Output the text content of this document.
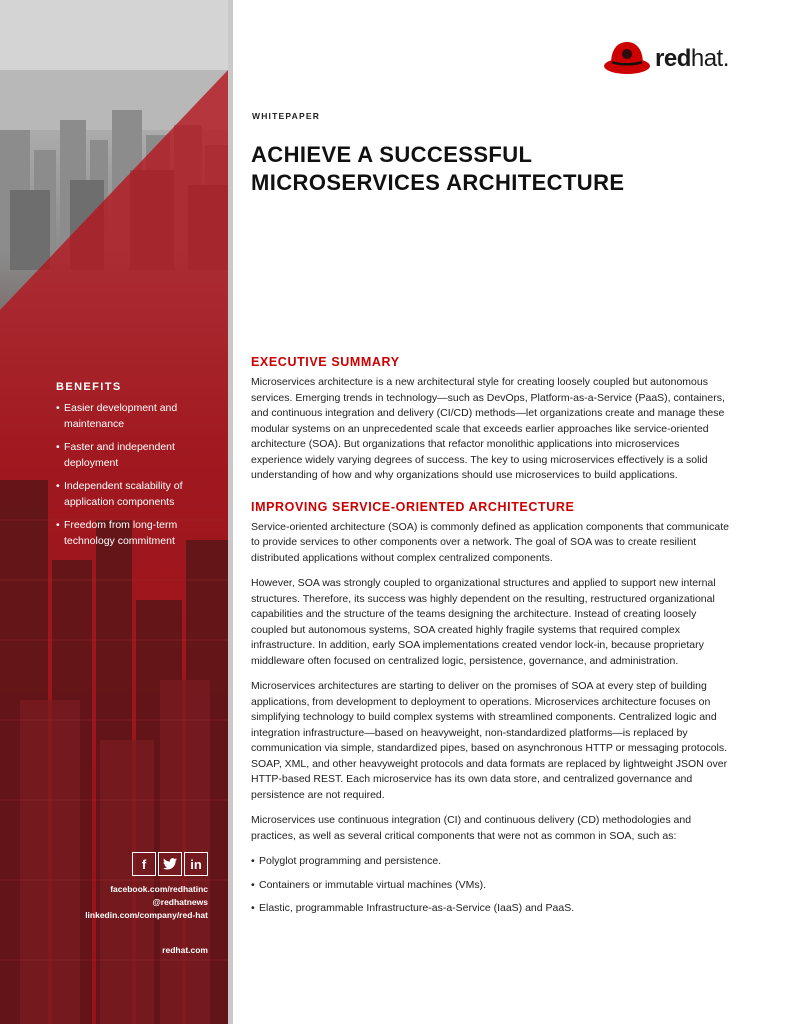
BENEFITS
• Easier development and maintenance
• Faster and independent deployment
• Independent scalability of application components
• Freedom from long-term technology commitment
f	in
facebook.com/redhatinc
@redhatnews
linkedin.com/company/red-hat
redhat.com
redhat.
WHITEPAPER
ACHIEVE A SUCCESSFUL
MICROSERVICES ARCHITECTURE
EXECUTIVE SUMMARY

Microservices architecture is a new architectural style for creating loosely coupled but autonomous services. Emerging trends in technology—such as DevOps, Platform-as-a-Service (PaaS), containers, and continuous integration and delivery (CI/CD) methods—let organizations create and manage these modular systems on an unprecedented scale that exceeds earlier approaches like service-oriented architecture (SOA). But organizations that refactor monolithic applications into microservices experience widely varying degrees of success. The key to using microservices effectively is a solid understanding of how and why organizations should use microservices to build applications.

IMPROVING SERVICE-ORIENTED ARCHITECTURE

Service-oriented architecture (SOA) is commonly defined as application components that communicate to provide services to other components over a network. The goal of SOA was to create resilient distributed applications without complex centralized components.

However, SOA was strongly coupled to organizational structures and applied to support new internal structures. Therefore, its success was highly dependent on the resulting, restructured organizational capabilities and the structure of the teams designing the architecture. Instead of creating loosely coupled but autonomous systems, SOA created highly fragile systems that required complex infrastructure. In addition, early SOA implementations created vendor lock-in, because proprietary middleware often focused on centralized logic, persistence, governance, and administration.

Microservices architectures are starting to deliver on the promises of SOA at every step of building applications, from development to deployment to operations. Microservices architecture focuses on simplifying technology to build complex systems with streamlined components. Centralized logic and integration infrastructure—based on heavyweight, non-standardized platforms—is replaced by communication via simple, standardized pipes, based on asynchronous HTTP or messaging protocols. SOAP, XML, and other heavyweight protocols and data formats are replaced by lightweight JSON over HTTP-based REST. Each microservice has its own data store, and centralized governance and persistence are not required.

Microservices use continuous integration (CI) and continuous delivery (CD) methodologies and practices, as well as several critical components that were not as common in SOA, such as:

• Polyglot programming and persistence.
• Containers or immutable virtual machines (VMs).
• Elastic, programmable Infrastructure-as-a-Service (IaaS) and PaaS.
